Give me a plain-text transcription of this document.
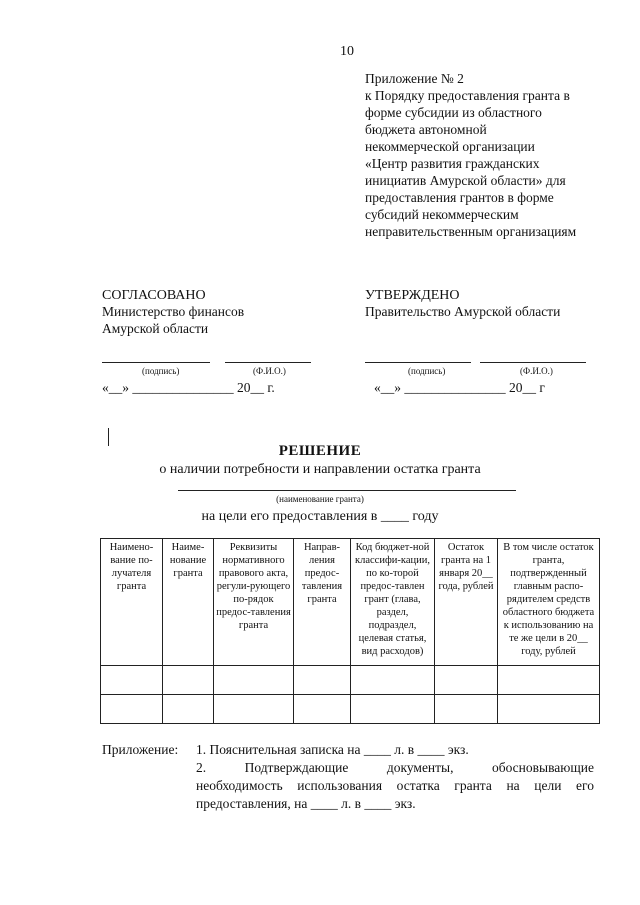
10
Приложение № 2
к Порядку предоставления гранта в
форме субсидии из областного
бюджета автономной
некоммерческой организации
«Центр развития гражданских
инициатив Амурской области» для
предоставления грантов в форме
субсидий некоммерческим
неправительственным организациям
СОГЛАСОВАНО
Министерство финансов
Амурской области
(подпись)	(Ф.И.О.)
«__» _______________ 20__ г.
УТВЕРЖДЕНО
Правительство Амурской области
(подпись)	(Ф.И.О.)
«__» _______________ 20__ г
РЕШЕНИЕ
о наличии потребности и направлении остатка гранта
(наименование гранта)
на цели его предоставления в ____ году
Наимено-вание по-лучателя гранта	Наиме-нование гранта	Реквизиты нормативного правового акта, регули-рующего по-рядок предос-тавления гранта	Направ-ления предос-тавления гранта	Код бюджет-ной классифи-кации, по ко-торой предос-тавлен грант (глава, раздел, подраздел, целевая статья, вид расходов)	Остаток гранта на 1 января 20__ года, рублей	В том числе остаток гранта, подтвержденный главным распо-рядителем средств областного бюджета к использованию на те же цели в 20__ году, рублей

Приложение: 1. Пояснительная записка на ____ л. в ____ экз.
2.	Подтверждающие	документы,	обосновывающие
необходимость использования остатка гранта на цели его
предоставления, на ____ л. в ____ экз.
